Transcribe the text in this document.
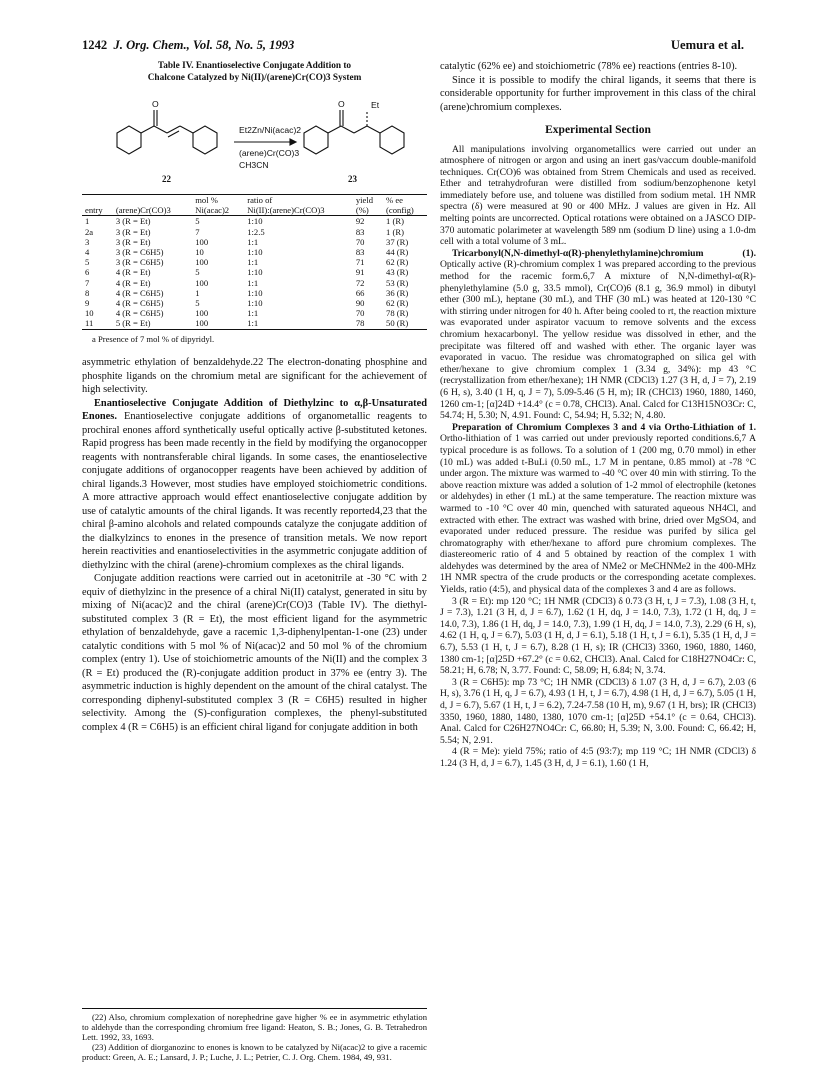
1242 J. Org. Chem., Vol. 58, No. 5, 1993	Uemura et al.
Table IV. Enantioselective Conjugate Addition to
Chalcone Catalyzed by Ni(II)/(arene)Cr(CO)3 System
O	O	Et
Et2Zn/Ni(acac)2
(arene)Cr(CO)3
CH3CN
22	23
		mol %	ratio of	yield	% ee
entry	(arene)Cr(CO)3	Ni(acac)2	Ni(II):(arene)Cr(CO)3	(%)	(config)
1	3 (R = Et)	5	1:10	92	1 (R)
2a	3 (R = Et)	7	1:2.5	83	1 (R)
3	3 (R = Et)	100	1:1	70	37 (R)
4	3 (R = C6H5)	10	1:10	83	44 (R)
5	3 (R = C6H5)	100	1:1	71	62 (R)
6	4 (R = Et)	5	1:10	91	43 (R)
7	4 (R = Et)	100	1:1	72	53 (R)
8	4 (R = C6H5)	1	1:10	66	36 (R)
9	4 (R = C6H5)	5	1:10	90	62 (R)
10	4 (R = C6H5)	100	1:1	70	78 (R)
11	5 (R = Et)	100	1:1	78	50 (R)
a Presence of 7 mol % of dipyridyl.

asymmetric ethylation of benzaldehyde.22 The electron-donating phosphine and phosphite ligands on the chromium metal are significant for the achievement of high selectivity.

Enantioselective Conjugate Addition of Diethylzinc to α,β-Unsaturated Enones. Enantioselective conjugate additions of organometallic reagents to prochiral enones afford synthetically useful optically active β-substituted ketones. Rapid progress has been made recently in the field by modifying the organocopper reagents with nontransferable chiral ligands. In some cases, the enantioselective conjugate additions of organocopper reagents have been achieved by addition of chiral ligands.3 However, most studies have employed stoichiometric conditions. A more attractive approach would effect enantioselective conjugate addition by use of catalytic amounts of the chiral ligands. It was recently reported4,23 that the chiral β-amino alcohols and related compounds catalyze the conjugate addition of the dialkylzincs to enones in the presence of transition metals. We now report herein reactivities and enantioselectivities in the asymmetric conjugate addition of diethylzinc with the chiral (arene)-chromium complexes as the chiral ligands.

Conjugate addition reactions were carried out in acetonitrile at -30 °C with 2 equiv of diethylzinc in the presence of a chiral Ni(II) catalyst, generated in situ by mixing of Ni(acac)2 and the chiral (arene)Cr(CO)3 (Table IV). The diethyl-substituted complex 3 (R = Et), the most efficient ligand for the asymmetric ethylation of benzaldehyde, gave a racemic 1,3-diphenylpentan-1-one (23) under catalytic conditions with 5 mol % of Ni(acac)2 and 50 mol % of the chromium complex (entry 1). Use of stoichiometric amounts of the Ni(II) and the complex 3 (R = Et) produced the (R)-conjugate addition product in 37% ee (entry 3). The asymmetric induction is highly dependent on the amount of the chiral catalyst. The corresponding diphenyl-substituted complex 3 (R = C6H5) resulted in higher selectivity. Among the (S)-configuration complexes, the phenyl-substituted complex 4 (R = C6H5) is an efficient chiral ligand for conjugate addition in both

(22) Also, chromium complexation of norephedrine gave higher % ee in asymmetric ethylation to aldehyde than the corresponding chromium free ligand: Heaton, S. B.; Jones, G. B. Tetrahedron Lett. 1992, 33, 1693.

(23) Addition of diorganozinc to enones is known to be catalyzed by Ni(acac)2 to give a racemic product: Green, A. E.; Lansard, J. P.; Luche, J. L.; Petrier, C. J. Org. Chem. 1984, 49, 931.

catalytic (62% ee) and stoichiometric (78% ee) reactions (entries 8-10).

Since it is possible to modify the chiral ligands, it seems that there is considerable opportunity for further improvement in this class of the chiral (arene)chromium complexes.

Experimental Section

All manipulations involving organometallics were carried out under an atmosphere of nitrogen or argon and using an inert gas/vaccum double-manifold techniques. Cr(CO)6 was obtained from Strem Chemicals and used as received. Ether and tetrahydrofuran were distilled from sodium/benzophenone ketyl immediately before use, and toluene was distilled from sodium metal. 1H NMR spectra (δ) were measured at 90 or 400 MHz. J values are given in Hz. All melting points are uncorrected. Optical rotations were obtained on a JASCO DIP-370 automatic polarimeter at wavelength 589 nm (sodium D line) using a 1.0-dm cell with a total volume of 3 mL.

Tricarbonyl(N,N-dimethyl-α(R)-phenylethylamine)chromium (1). Optically active (R)-chromium complex 1 was prepared according to the previous method for the racemic form.6,7 A mixture of N,N-dimethyl-α(R)-phenylethylamine (5.0 g, 33.5 mmol), Cr(CO)6 (8.1 g, 36.9 mmol) in dibutyl ether (300 mL), heptane (30 mL), and THF (30 mL) was heated at 120-130 °C with stirring under nitrogen for 40 h. After being cooled to rt, the reaction mixture was evaporated under aspirator vacuum to remove solvents and the excess chromium hexacarbonyl. The yellow residue was dissolved in ether, and the precipitate was filtered off and washed with ether. The organic layer was evaporated in vacuo. The residue was chromatographed on silica gel with ether/hexane to give chromium complex 1 (3.34 g, 34%): mp 43 °C (recrystallization from ether/hexane); 1H NMR (CDCl3) 1.27 (3 H, d, J = 7), 2.19 (6 H, s), 3.40 (1 H, q, J = 7), 5.09-5.46 (5 H, m); IR (CHCl3) 1960, 1880, 1460, 1260 cm-1; [α]24D +14.4° (c = 0.78, CHCl3). Anal. Calcd for C13H15NO3Cr: C, 54.74; H, 5.30; N, 4.91. Found: C, 54.94; H, 5.32; N, 4.80.

Preparation of Chromium Complexes 3 and 4 via Ortho-Lithiation of 1. Ortho-lithiation of 1 was carried out under previously reported conditions.6,7 A typical procedure is as follows. To a solution of 1 (200 mg, 0.70 mmol) in ether (10 mL) was added t-BuLi (0.50 mL, 1.7 M in pentane, 0.85 mmol) at -78 °C under argon. The mixture was warmed to -40 °C over 40 min with stirring. To the above reaction mixture was added a solution of 1-2 mmol of electrophile (ketones or aldehydes) in ether (1 mL) at the same temperature. The reaction mixture was warmed to -10 °C over 40 min, quenched with saturated aqueous NH4Cl, and extracted with ether. The extract was washed with brine, dried over MgSO4, and evaporated under reduced pressure. The residue was purifed by silica gel chromatography with ether/hexane to afford pure chromium complexes. The diastereomeric ratio of 4 and 5 obtained by reaction of the complex 1 with aldehydes was determined by the area of NMe2 or MeCHNMe2 in the 400-MHz 1H NMR spectra of the crude products or the corresponding acetate complexes. Yields, ratio (4:5), and physical data of the complexes 3 and 4 are as follows.

3 (R = Et): mp 120 °C; 1H NMR (CDCl3) δ 0.73 (3 H, t, J = 7.3), 1.08 (3 H, t, J = 7.3), 1.21 (3 H, d, J = 6.7), 1.62 (1 H, dq, J = 14.0, 7.3), 1.72 (1 H, dq, J = 14.0, 7.3), 1.86 (1 H, dq, J = 14.0, 7.3), 1.99 (1 H, dq, J = 14.0, 7.3), 2.29 (6 H, s), 4.62 (1 H, q, J = 6.7), 5.03 (1 H, d, J = 6.1), 5.18 (1 H, t, J = 6.1), 5.35 (1 H, d, J = 6.7), 5.53 (1 H, t, J = 6.7), 8.28 (1 H, s); IR (CHCl3) 3360, 1960, 1880, 1460, 1380 cm-1; [α]25D +67.2° (c = 0.62, CHCl3). Anal. Calcd for C18H27NO4Cr: C, 58.21; H, 6.78; N, 3.77. Found: C, 58.09; H, 6.84; N, 3.74.

3 (R = C6H5): mp 73 °C; 1H NMR (CDCl3) δ 1.07 (3 H, d, J = 6.7), 2.03 (6 H, s), 3.76 (1 H, q, J = 6.7), 4.93 (1 H, t, J = 6.7), 4.98 (1 H, d, J = 6.7), 5.05 (1 H, d, J = 6.7), 5.67 (1 H, t, J = 6.2), 7.24-7.58 (10 H, m), 9.67 (1 H, brs); IR (CHCl3) 3350, 1960, 1880, 1480, 1380, 1070 cm-1; [α]25D +54.1° (c = 0.64, CHCl3). Anal. Calcd for C26H27NO4Cr: C, 66.80; H, 5.39; N, 3.00. Found: C, 66.42; H, 5.54; N, 2.91.

4 (R = Me): yield 75%; ratio of 4:5 (93:7); mp 119 °C; 1H NMR (CDCl3) δ 1.24 (3 H, d, J = 6.7), 1.45 (3 H, d, J = 6.1), 1.60 (1 H,
